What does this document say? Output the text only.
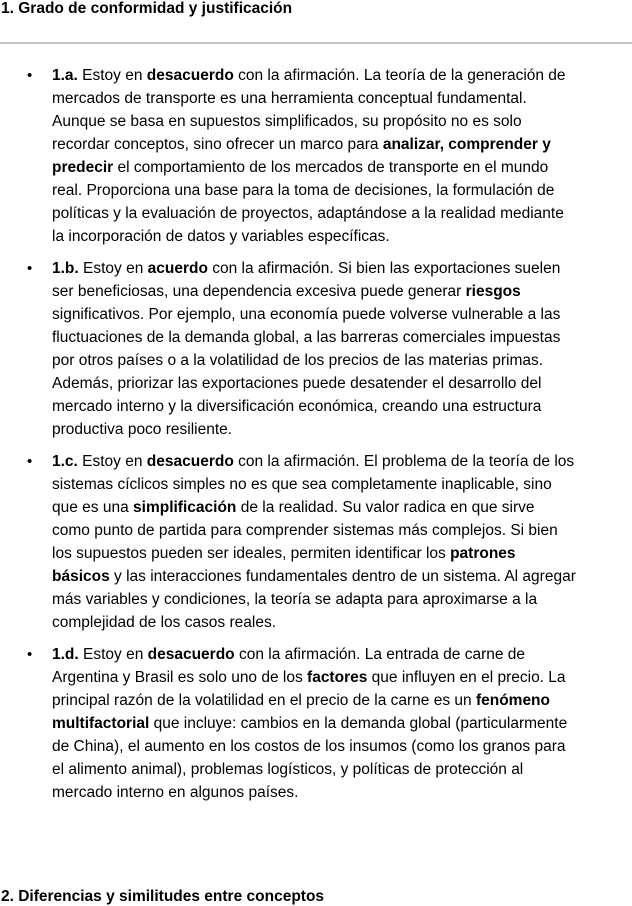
1. Grado de conformidad y justificación
• 1.a. Estoy en desacuerdo con la afirmación. La teoría de la generación de
mercados de transporte es una herramienta conceptual fundamental.
Aunque se basa en supuestos simplificados, su propósito no es solo
recordar conceptos, sino ofrecer un marco para analizar, comprender y
predecir el comportamiento de los mercados de transporte en el mundo
real. Proporciona una base para la toma de decisiones, la formulación de
políticas y la evaluación de proyectos, adaptándose a la realidad mediante
la incorporación de datos y variables específicas.
• 1.b. Estoy en acuerdo con la afirmación. Si bien las exportaciones suelen
ser beneficiosas, una dependencia excesiva puede generar riesgos
significativos. Por ejemplo, una economía puede volverse vulnerable a las
fluctuaciones de la demanda global, a las barreras comerciales impuestas
por otros países o a la volatilidad de los precios de las materias primas.
Además, priorizar las exportaciones puede desatender el desarrollo del
mercado interno y la diversificación económica, creando una estructura
productiva poco resiliente.
• 1.c. Estoy en desacuerdo con la afirmación. El problema de la teoría de los
sistemas cíclicos simples no es que sea completamente inaplicable, sino
que es una simplificación de la realidad. Su valor radica en que sirve
como punto de partida para comprender sistemas más complejos. Si bien
los supuestos pueden ser ideales, permiten identificar los patrones
básicos y las interacciones fundamentales dentro de un sistema. Al agregar
más variables y condiciones, la teoría se adapta para aproximarse a la
complejidad de los casos reales.
• 1.d. Estoy en desacuerdo con la afirmación. La entrada de carne de
Argentina y Brasil es solo uno de los factores que influyen en el precio. La
principal razón de la volatilidad en el precio de la carne es un fenómeno
multifactorial que incluye: cambios en la demanda global (particularmente
de China), el aumento en los costos de los insumos (como los granos para
el alimento animal), problemas logísticos, y políticas de protección al
mercado interno en algunos países.
2. Diferencias y similitudes entre conceptos
